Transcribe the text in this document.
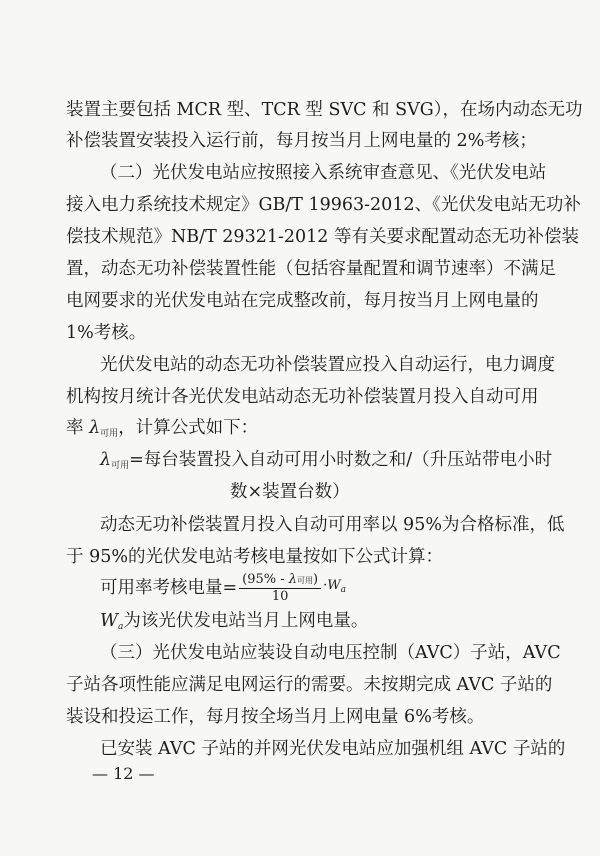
装置主要包括 MCR 型、TCR 型 SVC 和 SVG），在场内动态无功
补偿装置安装投入运行前，每月按当月上网电量的 2%考核；
（二）光伏发电站应按照接入系统审查意见、《光伏发电站
接入电力系统技术规定》GB/T 19963-2012、《光伏发电站无功补
偿技术规范》NB/T 29321-2012 等有关要求配置动态无功补偿装
置，动态无功补偿装置性能（包括容量配置和调节速率）不满足
电网要求的光伏发电站在完成整改前，每月按当月上网电量的
1%考核。
光伏发电站的动态无功补偿装置应投入自动运行，电力调度
机构按月统计各光伏发电站动态无功补偿装置月投入自动可用
率 $\lambda_{可用}$，计算公式如下：
$\lambda_{可用}=$每台装置投入自动可用小时数之和/（升压站带电小时
数×装置台数）
动态无功补偿装置月投入自动可用率以 95%为合格标准，低
于 95%的光伏发电站考核电量按如下公式计算：
可用率考核电量= $\frac{\text{(95\% - λ可用)}}{10} \cdot W_a$
$W_a$为该光伏发电站当月上网电量。
（三）光伏发电站应装设自动电压控制（AVC）子站，AVC
子站各项性能应满足电网运行的需要。未按期完成 AVC 子站的
装设和投运工作，每月按全场当月上网电量 6%考核。
已安装 AVC 子站的并网光伏发电站应加强机组 AVC 子站的
— 12 —
